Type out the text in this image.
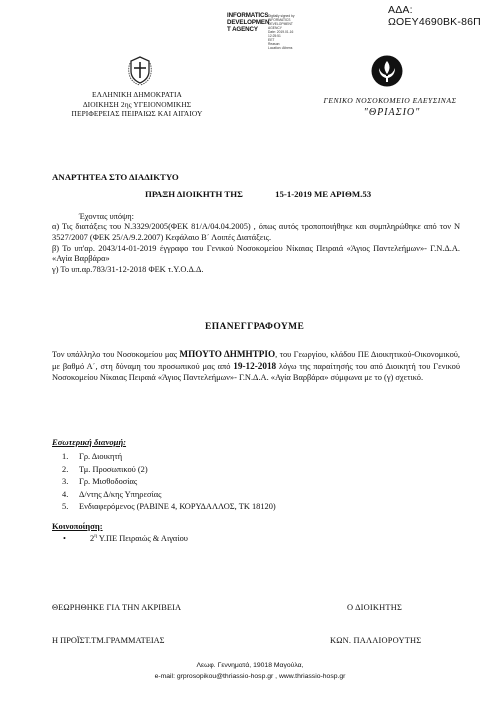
ΑΔΑ: ΩΟΕΥ4690ΒΚ-86Π
INFORMATICS
DEVELOPMEN
T AGENCY
Digitally signed by
INFORMATICS
DEVELOPMENT AGENCY
Date: 2019.01.16 12:25:51
EET
Reason:
Location: Athens
ΕΛΛΗΝΙΚΗ ΔΗΜΟΚΡΑΤΙΑ
ΔΙΟΙΚΗΣΗ 2ης ΥΓΕΙΟΝΟΜΙΚΗΣ
ΠΕΡΙΦΕΡΕΙΑΣ ΠΕΙΡΑΙΩΣ ΚΑΙ ΑΙΓΑΙΟΥ
ΓΕΝΙΚΟ ΝΟΣΟΚΟΜΕΙΟ ΕΛΕΥΣΙΝΑΣ
"ΘΡΙΑΣΙΟ"
ΑΝΑΡΤΗΤΕΑ ΣΤΟ ΔΙΑΔΙΚΤΥΟ
ΠΡΑΞΗ ΔΙΟΙΚΗΤΗ ΤΗΣ	15-1-2019 ΜΕ ΑΡΙΘΜ.53
Έχοντας υπόψη:

α) Τις διατάξεις του Ν.3329/2005(ΦΕΚ 81/Α/04.04.2005) , όπως αυτός τροποποιήθηκε και συμπληρώθηκε από τον Ν 3527/2007 (ΦΕΚ 25/Α/9.2.2007) Κεφάλαιο Β΄ Λοιπές Διατάξεις.

β) Το υπ'αρ. 2043/14-01-2019 έγγραφο του Γενικού Νοσοκομείου Νίκαιας Πειραιά «Άγιος Παντελεήμων»- Γ.Ν.Δ.Α. «Αγία Βαρβάρα»

γ) Το υπ.αρ.783/31-12-2018 ΦΕΚ τ.Υ.Ο.Δ.Δ.

ΕΠΑΝΕΓΓΡΑΦΟΥΜΕ
Τον υπάλληλο του Νοσοκομείου μας ΜΠΟΥΤΟ ΔΗΜΗΤΡΙΟ, του Γεωργίου, κλάδου ΠΕ Διοικητικού-Οικονομικού, με βαθμό Α΄, στη δύναμη του προσωπικού μας από 19-12-2018 λόγω της παραίτησής του από Διοικητή του Γενικού Νοσοκομείου Νίκαιας Πειραιά «Άγιος Παντελεήμων»- Γ.Ν.Δ.Α. «Αγία Βαρβάρα» σύμφωνα με το (γ) σχετικό.
Εσωτερική διανομή:
1. Γρ. Διοικητή
2. Τμ. Προσωπικού (2)
3. Γρ. Μισθοδοσίας
4. Δ/ντης Δ/κης Υπηρεσίας
5. Ενδιαφερόμενος (ΡΑΒΙΝΕ 4, ΚΟΡΥΔΑΛΛΟΣ, ΤΚ 18120)
Κοινοποίηση:
•	$2^\eta$ Υ.ΠΕ Πειραιώς & Αιγαίου
ΘΕΩΡΗΘΗΚΕ ΓΙΑ ΤΗΝ ΑΚΡΙΒΕΙΑ	Ο ΔΙΟΙΚΗΤΗΣ
Η ΠΡΟΪΣΤ.ΤΜ.ΓΡΑΜΜΑΤΕΙΑΣ	ΚΩΝ. ΠΑΛΑΙΟΡΟΥΤΗΣ
Λεωφ. Γεννηματά, 19018 Μαγούλα,
e-mail: grprosopikou@thriassio-hosp.gr , www.thriassio-hosp.gr
